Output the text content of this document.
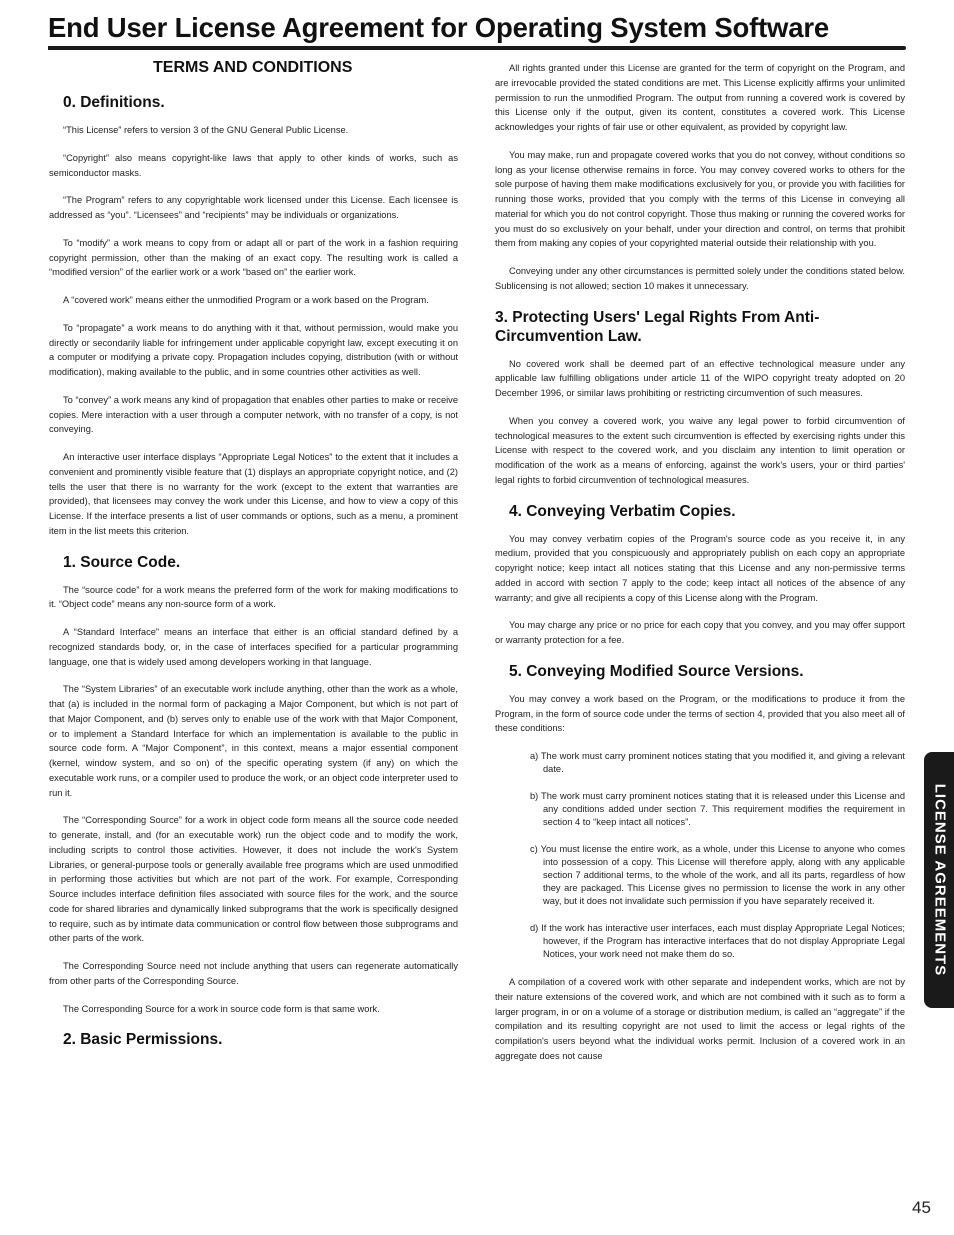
End User License Agreement for Operating System Software
TERMS AND CONDITIONS
0. Definitions.

“This License” refers to version 3 of the GNU General Public License.

“Copyright” also means copyright-like laws that apply to other kinds of works, such as semiconductor masks.

“The Program” refers to any copyrightable work licensed under this License. Each licensee is addressed as “you”. “Licensees” and “recipients” may be individuals or organizations.

To “modify” a work means to copy from or adapt all or part of the work in a fashion requiring copyright permission, other than the making of an exact copy. The resulting work is called a “modified version” of the earlier work or a work “based on” the earlier work.

A “covered work” means either the unmodified Program or a work based on the Program.

To “propagate” a work means to do anything with it that, without permission, would make you directly or secondarily liable for infringement under applicable copyright law, except executing it on a computer or modifying a private copy. Propagation includes copying, distribution (with or without modification), making available to the public, and in some countries other activities as well.

To “convey” a work means any kind of propagation that enables other parties to make or receive copies. Mere interaction with a user through a computer network, with no transfer of a copy, is not conveying.

An interactive user interface displays “Appropriate Legal Notices” to the extent that it includes a convenient and prominently visible feature that (1) displays an appropriate copyright notice, and (2) tells the user that there is no warranty for the work (except to the extent that warranties are provided), that licensees may convey the work under this License, and how to view a copy of this License. If the interface presents a list of user commands or options, such as a menu, a prominent item in the list meets this criterion.

1. Source Code.

The “source code” for a work means the preferred form of the work for making modifications to it. “Object code” means any non-source form of a work.

A “Standard Interface” means an interface that either is an official standard defined by a recognized standards body, or, in the case of interfaces specified for a particular programming language, one that is widely used among developers working in that language.

The “System Libraries” of an executable work include anything, other than the work as a whole, that (a) is included in the normal form of packaging a Major Component, but which is not part of that Major Component, and (b) serves only to enable use of the work with that Major Component, or to implement a Standard Interface for which an implementation is available to the public in source code form. A “Major Component”, in this context, means a major essential component (kernel, window system, and so on) of the specific operating system (if any) on which the executable work runs, or a compiler used to produce the work, or an object code interpreter used to run it.

The “Corresponding Source” for a work in object code form means all the source code needed to generate, install, and (for an executable work) run the object code and to modify the work, including scripts to control those activities. However, it does not include the work's System Libraries, or general-purpose tools or generally available free programs which are used unmodified in performing those activities but which are not part of the work. For example, Corresponding Source includes interface definition files associated with source files for the work, and the source code for shared libraries and dynamically linked subprograms that the work is specifically designed to require, such as by intimate data communication or control flow between those subprograms and other parts of the work.

The Corresponding Source need not include anything that users can regenerate automatically from other parts of the Corresponding Source.

The Corresponding Source for a work in source code form is that same work.

2. Basic Permissions.

All rights granted under this License are granted for the term of copyright on the Program, and are irrevocable provided the stated conditions are met. This License explicitly affirms your unlimited permission to run the unmodified Program. The output from running a covered work is covered by this License only if the output, given its content, constitutes a covered work. This License acknowledges your rights of fair use or other equivalent, as provided by copyright law.

You may make, run and propagate covered works that you do not convey, without conditions so long as your license otherwise remains in force. You may convey covered works to others for the sole purpose of having them make modifications exclusively for you, or provide you with facilities for running those works, provided that you comply with the terms of this License in conveying all material for which you do not control copyright. Those thus making or running the covered works for you must do so exclusively on your behalf, under your direction and control, on terms that prohibit them from making any copies of your copyrighted material outside their relationship with you.

Conveying under any other circumstances is permitted solely under the conditions stated below. Sublicensing is not allowed; section 10 makes it unnecessary.

3. Protecting Users' Legal Rights From Anti-Circumvention Law.

No covered work shall be deemed part of an effective technological measure under any applicable law fulfilling obligations under article 11 of the WIPO copyright treaty adopted on 20 December 1996, or similar laws prohibiting or restricting circumvention of such measures.

When you convey a covered work, you waive any legal power to forbid circumvention of technological measures to the extent such circumvention is effected by exercising rights under this License with respect to the covered work, and you disclaim any intention to limit operation or modification of the work as a means of enforcing, against the work's users, your or third parties' legal rights to forbid circumvention of technological measures.

4. Conveying Verbatim Copies.

You may convey verbatim copies of the Program's source code as you receive it, in any medium, provided that you conspicuously and appropriately publish on each copy an appropriate copyright notice; keep intact all notices stating that this License and any non-permissive terms added in accord with section 7 apply to the code; keep intact all notices of the absence of any warranty; and give all recipients a copy of this License along with the Program.

You may charge any price or no price for each copy that you convey, and you may offer support or warranty protection for a fee.

5. Conveying Modified Source Versions.

You may convey a work based on the Program, or the modifications to produce it from the Program, in the form of source code under the terms of section 4, provided that you also meet all of these conditions:

a) The work must carry prominent notices stating that you modified it, and giving a relevant date.

b) The work must carry prominent notices stating that it is released under this License and any conditions added under section 7. This requirement modifies the requirement in section 4 to “keep intact all notices”.

c) You must license the entire work, as a whole, under this License to anyone who comes into possession of a copy. This License will therefore apply, along with any applicable section 7 additional terms, to the whole of the work, and all its parts, regardless of how they are packaged. This License gives no permission to license the work in any other way, but it does not invalidate such permission if you have separately received it.

d) If the work has interactive user interfaces, each must display Appropriate Legal Notices; however, if the Program has interactive interfaces that do not display Appropriate Legal Notices, your work need not make them do so.

A compilation of a covered work with other separate and independent works, which are not by their nature extensions of the covered work, and which are not combined with it such as to form a larger program, in or on a volume of a storage or distribution medium, is called an “aggregate” if the compilation and its resulting copyright are not used to limit the access or legal rights of the compilation's users beyond what the individual works permit. Inclusion of a covered work in an aggregate does not cause

LICENSE AGREEMENTS
45
